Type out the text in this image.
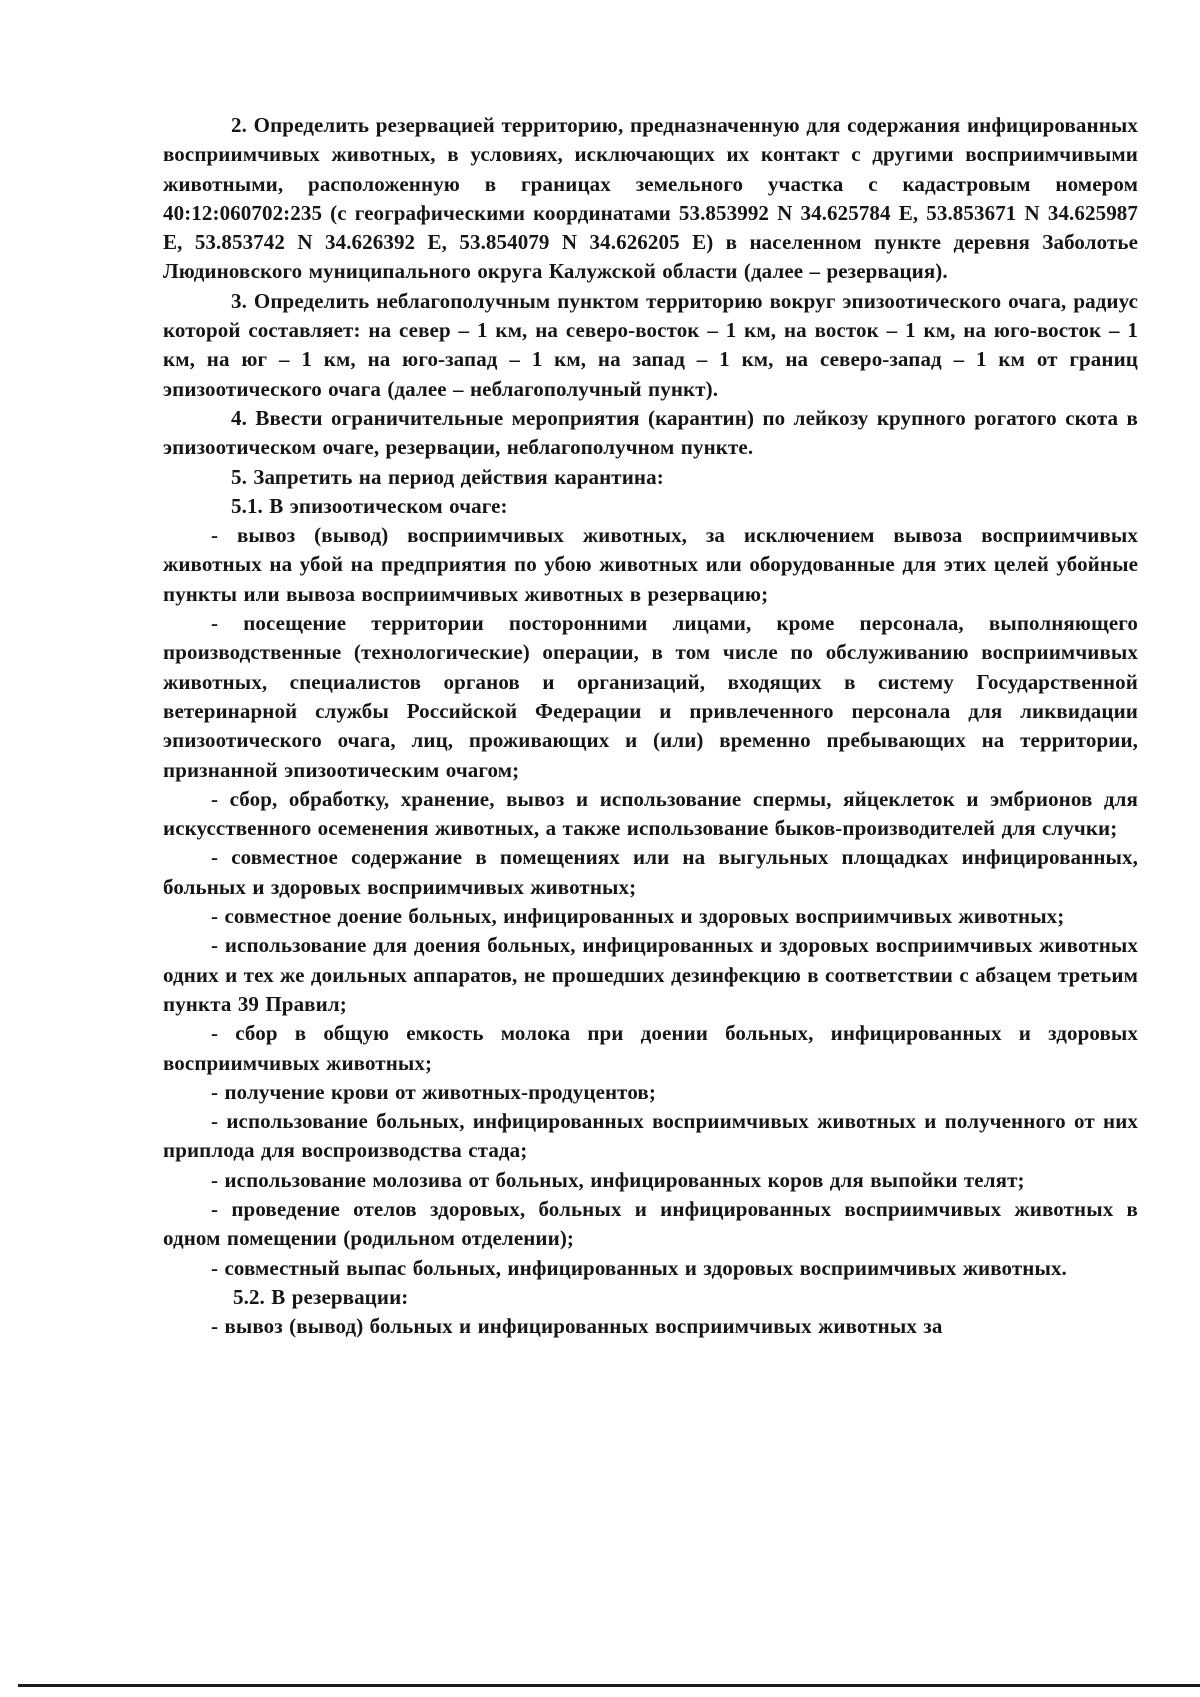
2. Определить резервацией территорию, предназначенную для содержания инфицированных восприимчивых животных, в условиях, исключающих их контакт с другими восприимчивыми животными, расположенную в границах земельного участка с кадастровым номером 40:12:060702:235 (с географическими координатами 53.853992 N 34.625784 E, 53.853671 N 34.625987 E, 53.853742 N 34.626392 E, 53.854079 N 34.626205 E) в населенном пункте деревня Заболотье Людиновского муниципального округа Калужской области (далее – резервация).

3. Определить неблагополучным пунктом территорию вокруг эпизоотического очага, радиус которой составляет: на север – 1 км, на северо-восток – 1 км, на восток – 1 км, на юго-восток – 1 км, на юг – 1 км, на юго-запад – 1 км, на запад – 1 км, на северо-запад – 1 км от границ эпизоотического очага (далее – неблагополучный пункт).

4. Ввести ограничительные мероприятия (карантин) по лейкозу крупного рогатого скота в эпизоотическом очаге, резервации, неблагополучном пункте.

5. Запретить на период действия карантина:

5.1. В эпизоотическом очаге:

- вывоз (вывод) восприимчивых животных, за исключением вывоза восприимчивых животных на убой на предприятия по убою животных или оборудованные для этих целей убойные пункты или вывоза восприимчивых животных в резервацию;

- посещение территории посторонними лицами, кроме персонала, выполняющего производственные (технологические) операции, в том числе по обслуживанию восприимчивых животных, специалистов органов и организаций, входящих в систему Государственной ветеринарной службы Российской Федерации и привлеченного персонала для ликвидации эпизоотического очага, лиц, проживающих и (или) временно пребывающих на территории, признанной эпизоотическим очагом;

- сбор, обработку, хранение, вывоз и использование спермы, яйцеклеток и эмбрионов для искусственного осеменения животных, а также использование быков-производителей для случки;

- совместное содержание в помещениях или на выгульных площадках инфицированных, больных и здоровых восприимчивых животных;

- совместное доение больных, инфицированных и здоровых восприимчивых животных;

- использование для доения больных, инфицированных и здоровых восприимчивых животных одних и тех же доильных аппаратов, не прошедших дезинфекцию в соответствии с абзацем третьим пункта 39 Правил;

- сбор в общую емкость молока при доении больных, инфицированных и здоровых восприимчивых животных;

- получение крови от животных-продуцентов;

- использование больных, инфицированных восприимчивых животных и полученного от них приплода для воспроизводства стада;

- использование молозива от больных, инфицированных коров для выпойки телят;

- проведение отелов здоровых, больных и инфицированных восприимчивых животных в одном помещении (родильном отделении);

- совместный выпас больных, инфицированных и здоровых восприимчивых животных.

5.2. В резервации:

- вывоз (вывод) больных и инфицированных восприимчивых животных за
